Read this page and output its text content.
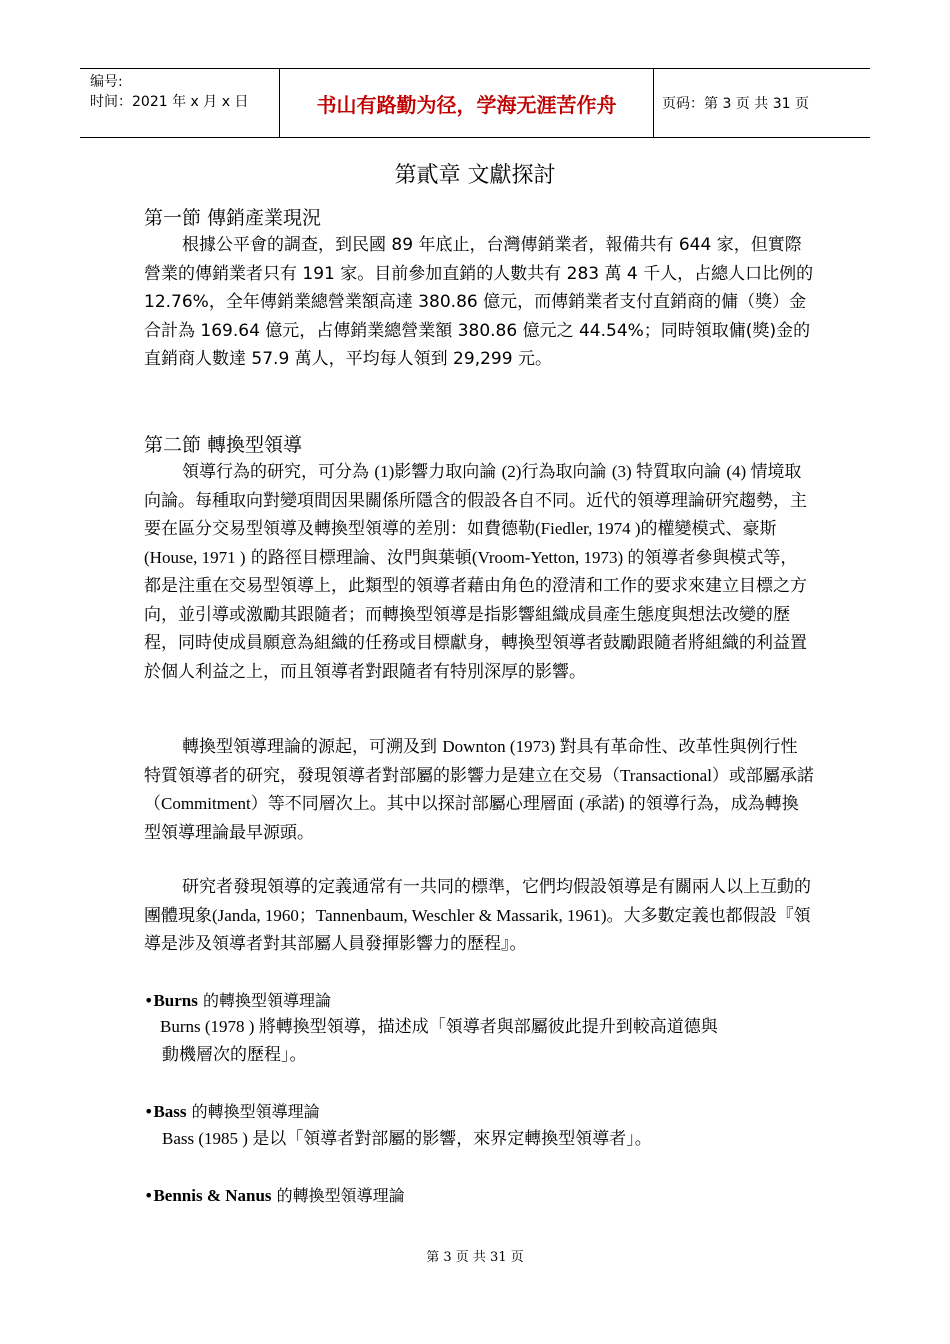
编号:
时间：2021 年 x 月 x 日	书山有路勤为径，学海无涯苦作舟	页码：第 3 页 共 31 页
第貳章 文獻探討
第一節 傳銷產業現況

根據公平會的調查，到民國 89 年底止，台灣傳銷業者，報備共有 644 家，但實際營業的傳銷業者只有 191 家。目前參加直銷的人數共有 283 萬 4 千人，占總人口比例的 12.76%，全年傳銷業總營業額高達 380.86 億元，而傳銷業者支付直銷商的傭（獎）金合計為 169.64 億元，占傳銷業總營業額 380.86 億元之 44.54%；同時領取傭(獎)金的直銷商人數達 57.9 萬人，平均每人領到 29,299 元。

第二節 轉換型領導

領導行為的研究，可分為 (1)影響力取向論 (2)行為取向論 (3) 特質取向論 (4) 情境取向論。每種取向對變項間因果關係所隱含的假設各自不同。近代的領導理論研究趨勢，主要在區分交易型領導及轉換型領導的差別：如費德勒(Fiedler, 1974 )的權變模式、豪斯 (House, 1971 ) 的路徑目標理論、汝門與葉頓(Vroom-Yetton, 1973) 的領導者參與模式等，都是注重在交易型領導上，此類型的領導者藉由角色的澄清和工作的要求來建立目標之方向，並引導或激勵其跟隨者；而轉換型領導是指影響組織成員產生態度與想法改變的歷程，同時使成員願意為組織的任務或目標獻身，轉換型領導者鼓勵跟隨者將組織的利益置於個人利益之上，而且領導者對跟隨者有特別深厚的影響。

轉換型領導理論的源起，可溯及到 Downton (1973) 對具有革命性、改革性與例行性特質領導者的研究，發現領導者對部屬的影響力是建立在交易（Transactional）或部屬承諾（Commitment）等不同層次上。其中以探討部屬心理層面 (承諾) 的領導行為，成為轉換型領導理論最早源頭。

研究者發現領導的定義通常有一共同的標準，它們均假設領導是有關兩人以上互動的團體現象(Janda, 1960；Tannenbaum, Weschler & Massarik, 1961)。大多數定義也都假設『領導是涉及領導者對其部屬人員發揮影響力的歷程』。

•Burns 的轉換型領導理論

Burns (1978 ) 將轉換型領導，描述成「領導者與部屬彼此提升到較高道德與

動機層次的歷程」。

•Bass 的轉換型領導理論

Bass (1985 ) 是以「領導者對部屬的影響，來界定轉換型領導者」。

•Bennis & Nanus 的轉換型領導理論
第 3 页 共 31 页
